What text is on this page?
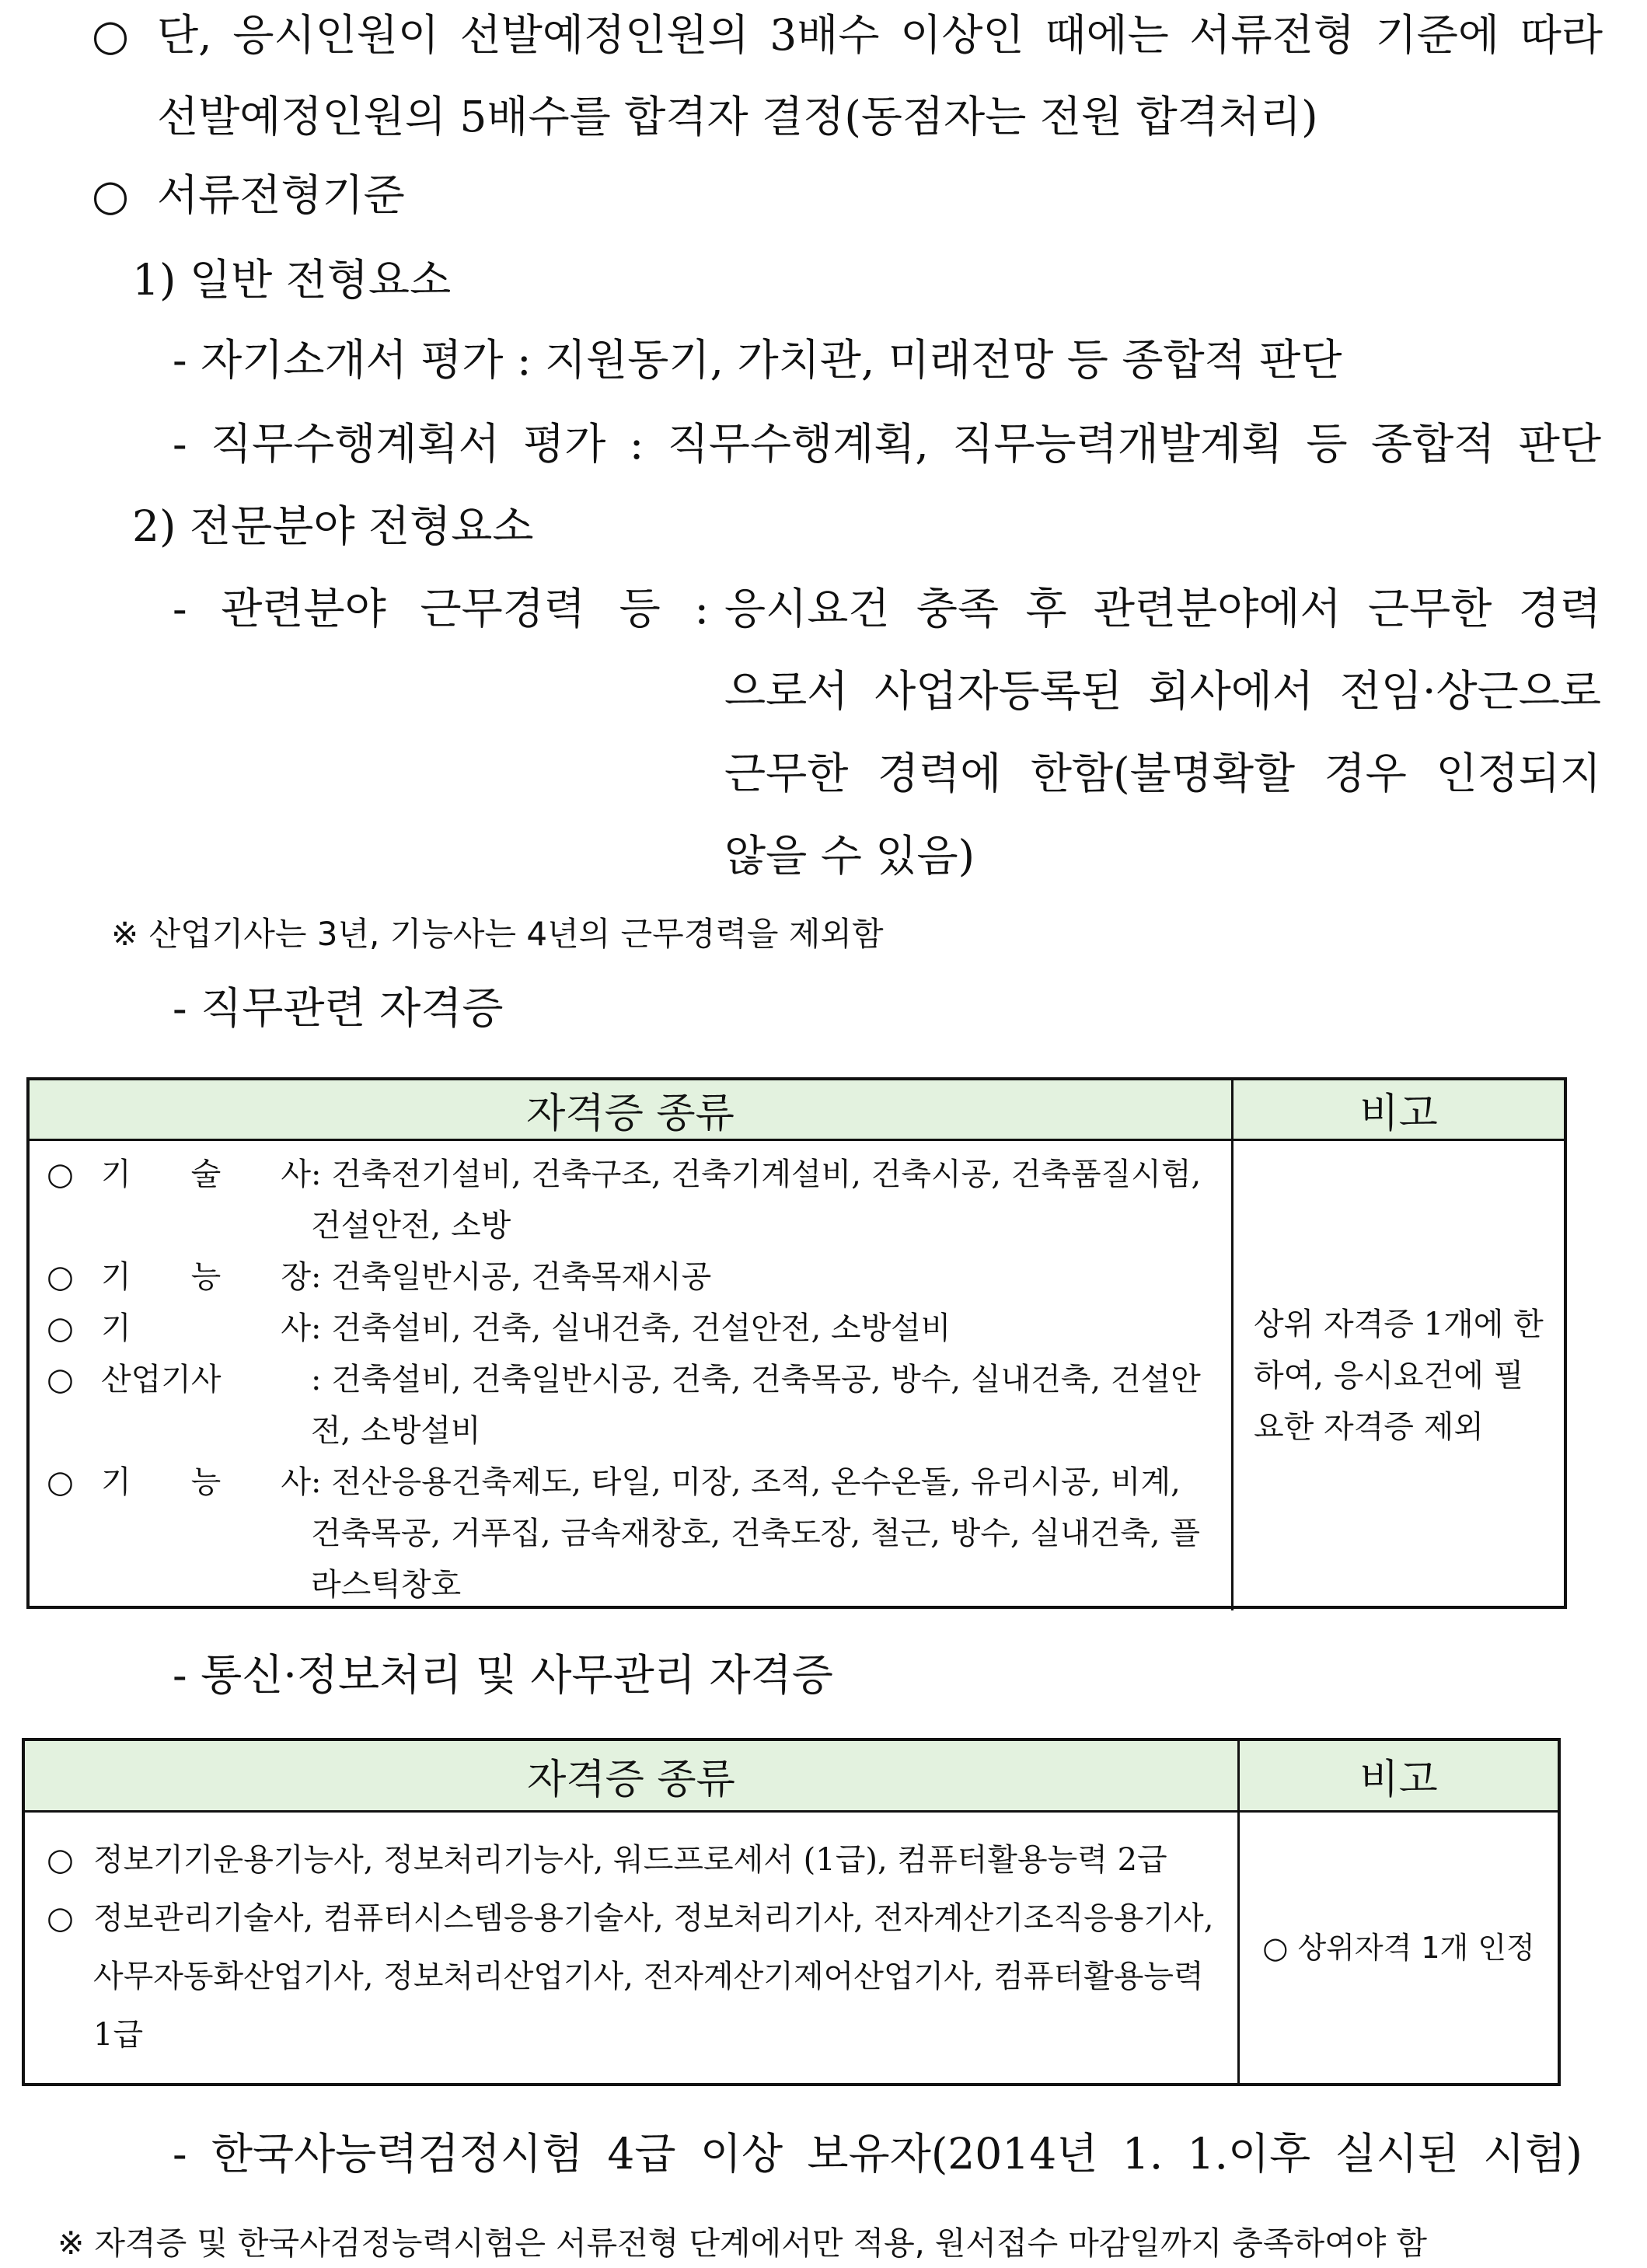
○ 단, 응시인원이 선발예정인원의 3배수 이상인 때에는 서류전형 기준에 따라
선발예정인원의 5배수를 합격자 결정(동점자는 전원 합격처리)
○ 서류전형기준
1) 일반 전형요소
- 자기소개서 평가 : 지원동기, 가치관, 미래전망 등 종합적 판단
- 직무수행계획서 평가 : 직무수행계획, 직무능력개발계획 등 종합적 판단
2) 전문분야 전형요소
- 관련분야 근무경력 등 : 응시요건 충족 후 관련분야에서 근무한 경력
으로서 사업자등록된 회사에서 전임·상근으로
근무한 경력에 한함(불명확할 경우 인정되지
않을 수 있음)
※ 산업기사는 3년, 기능사는 4년의 근무경력을 제외함
- 직무관련 자격증
자격증 종류	비고
○ 기 술 사 : 건축전기설비, 건축구조, 건축기계설비, 건축시공, 건축품질시험, 건설안전, 소방
○ 기 능 장 : 건축일반시공, 건축목재시공
○ 기	사 : 건축설비, 건축, 실내건축, 건설안전, 소방설비
○ 산업기사	: 건축설비, 건축일반시공, 건축, 건축목공, 방수, 실내건축, 건설안전, 소방설비
○ 기 능 사 : 전산응용건축제도, 타일, 미장, 조적, 온수온돌, 유리시공, 비계, 건축목공, 거푸집, 금속재창호, 건축도장, 철근, 방수, 실내건축, 플라스틱창호
상위 자격증 1개에 한하여, 응시요건에 필요한 자격증 제외
- 통신·정보처리 및 사무관리 자격증
자격증 종류	비고
○ 정보기기운용기능사, 정보처리기능사, 워드프로세서 (1급), 컴퓨터활용능력 2급
○ 정보관리기술사, 컴퓨터시스템응용기술사, 정보처리기사, 전자계산기조직응용기사, 사무자동화산업기사, 정보처리산업기사, 전자계산기제어산업기사, 컴퓨터활용능력 1급
○ 상위자격 1개 인정
- 한국사능력검정시험 4급 이상 보유자(2014년 1. 1.이후 실시된 시험)
※ 자격증 및 한국사검정능력시험은 서류전형 단계에서만 적용, 원서접수 마감일까지 충족하여야 함
